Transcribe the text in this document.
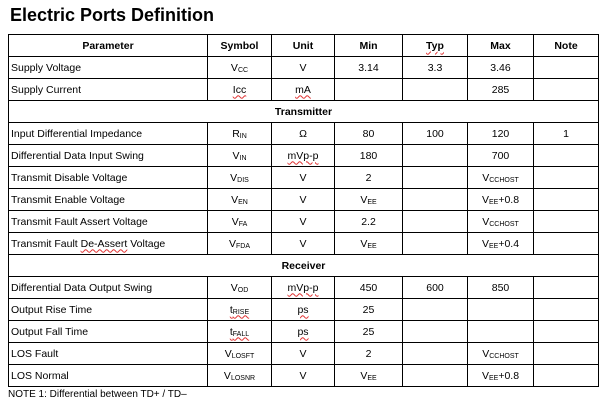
Electric Ports Definition
Parameter	Symbol	Unit	Min	Typ	Max	Note
Supply Voltage	VCC	V	3.14	3.3	3.46	
Supply Current	Icc	mA			285	
Transmitter						
Input Differential Impedance	RIN	Ω	80	100	120	1
Differential Data Input Swing	VIN	mVp-p	180		700	
Transmit Disable Voltage	VDIS	V	2		VCCHOST	
Transmit Enable Voltage	VEN	V	VEE		VEE+0.8	
Transmit Fault Assert Voltage	VFA	V	2.2		VCCHOST	
Transmit Fault De-Assert Voltage	VFDA	V	VEE		VEE+0.4	
Receiver						
Differential Data Output Swing	VOD	mVp-p	450	600	850	
Output Rise Time	tRISE	ps	25			
Output Fall Time	tFALL	ps	25			
LOS Fault	VLOSFT	V	2		VCCHOST	
LOS Normal	VLOSNR	V	VEE		VEE+0.8	
NOTE 1: Differential between TD+ / TD–
